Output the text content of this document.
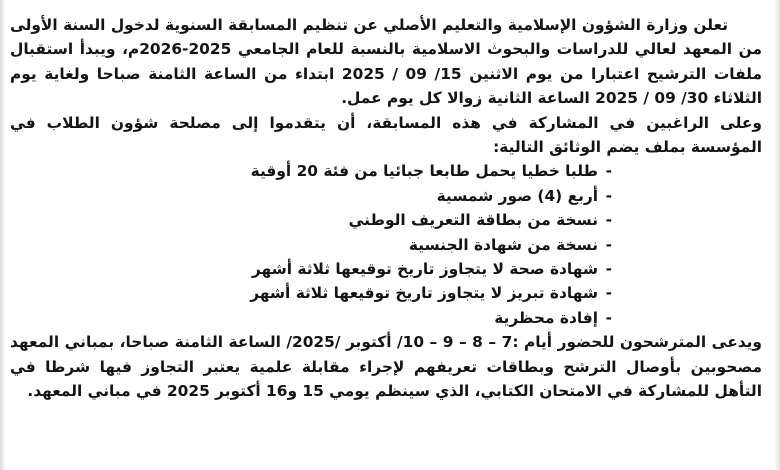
تعلن وزارة الشؤون الإسلامية والتعليم الأصلي عن تنظيم المسابقة السنوية لدخول السنة الأولى من المعهد لعالي للدراسات والبحوث الاسلامية بالنسبة للعام الجامعي 2025-2026م، ويبدأ استقبال ملفات الترشيح اعتبارا من يوم الاثنين 15/ 09 / 2025 ابتداء من الساعة الثامنة صباحا ولغاية يوم الثلاثاء 30/ 09 / 2025 الساعة الثانية زوالا كل يوم عمل.

وعلى الراغبين في المشاركة في هذه المسابقة، أن يتقدموا إلى مصلحة شؤون الطلاب في المؤسسة بملف يضم الوثائق التالية:

-
طلبا خطيا يحمل طابعا جبائيا من فئة 20 أوقية
-
أربع (4) صور شمسية
-
نسخة من بطاقة التعريف الوطني
-
نسخة من شهادة الجنسية
-
شهادة صحة لا يتجاوز تاريخ توقيعها ثلاثة أشهر
-
شهادة تبريز لا يتجاوز تاريخ توقيعها ثلاثة أشهر
-
إفادة محظرية

ويدعى المترشحون للحضور أيام :7 – 8 – 9 – 10/ أكتوبر /2025/ الساعة الثامنة صباحا، بمباني المعهد مصحوبين بأوصال الترشح وبطاقات تعريفهم لإجراء مقابلة علمية يعتبر التجاوز فيها شرطا في التأهل للمشاركة في الامتحان الكتابي، الذي سينظم يومي 15 و16 أكتوبر 2025 في مباني المعهد.
